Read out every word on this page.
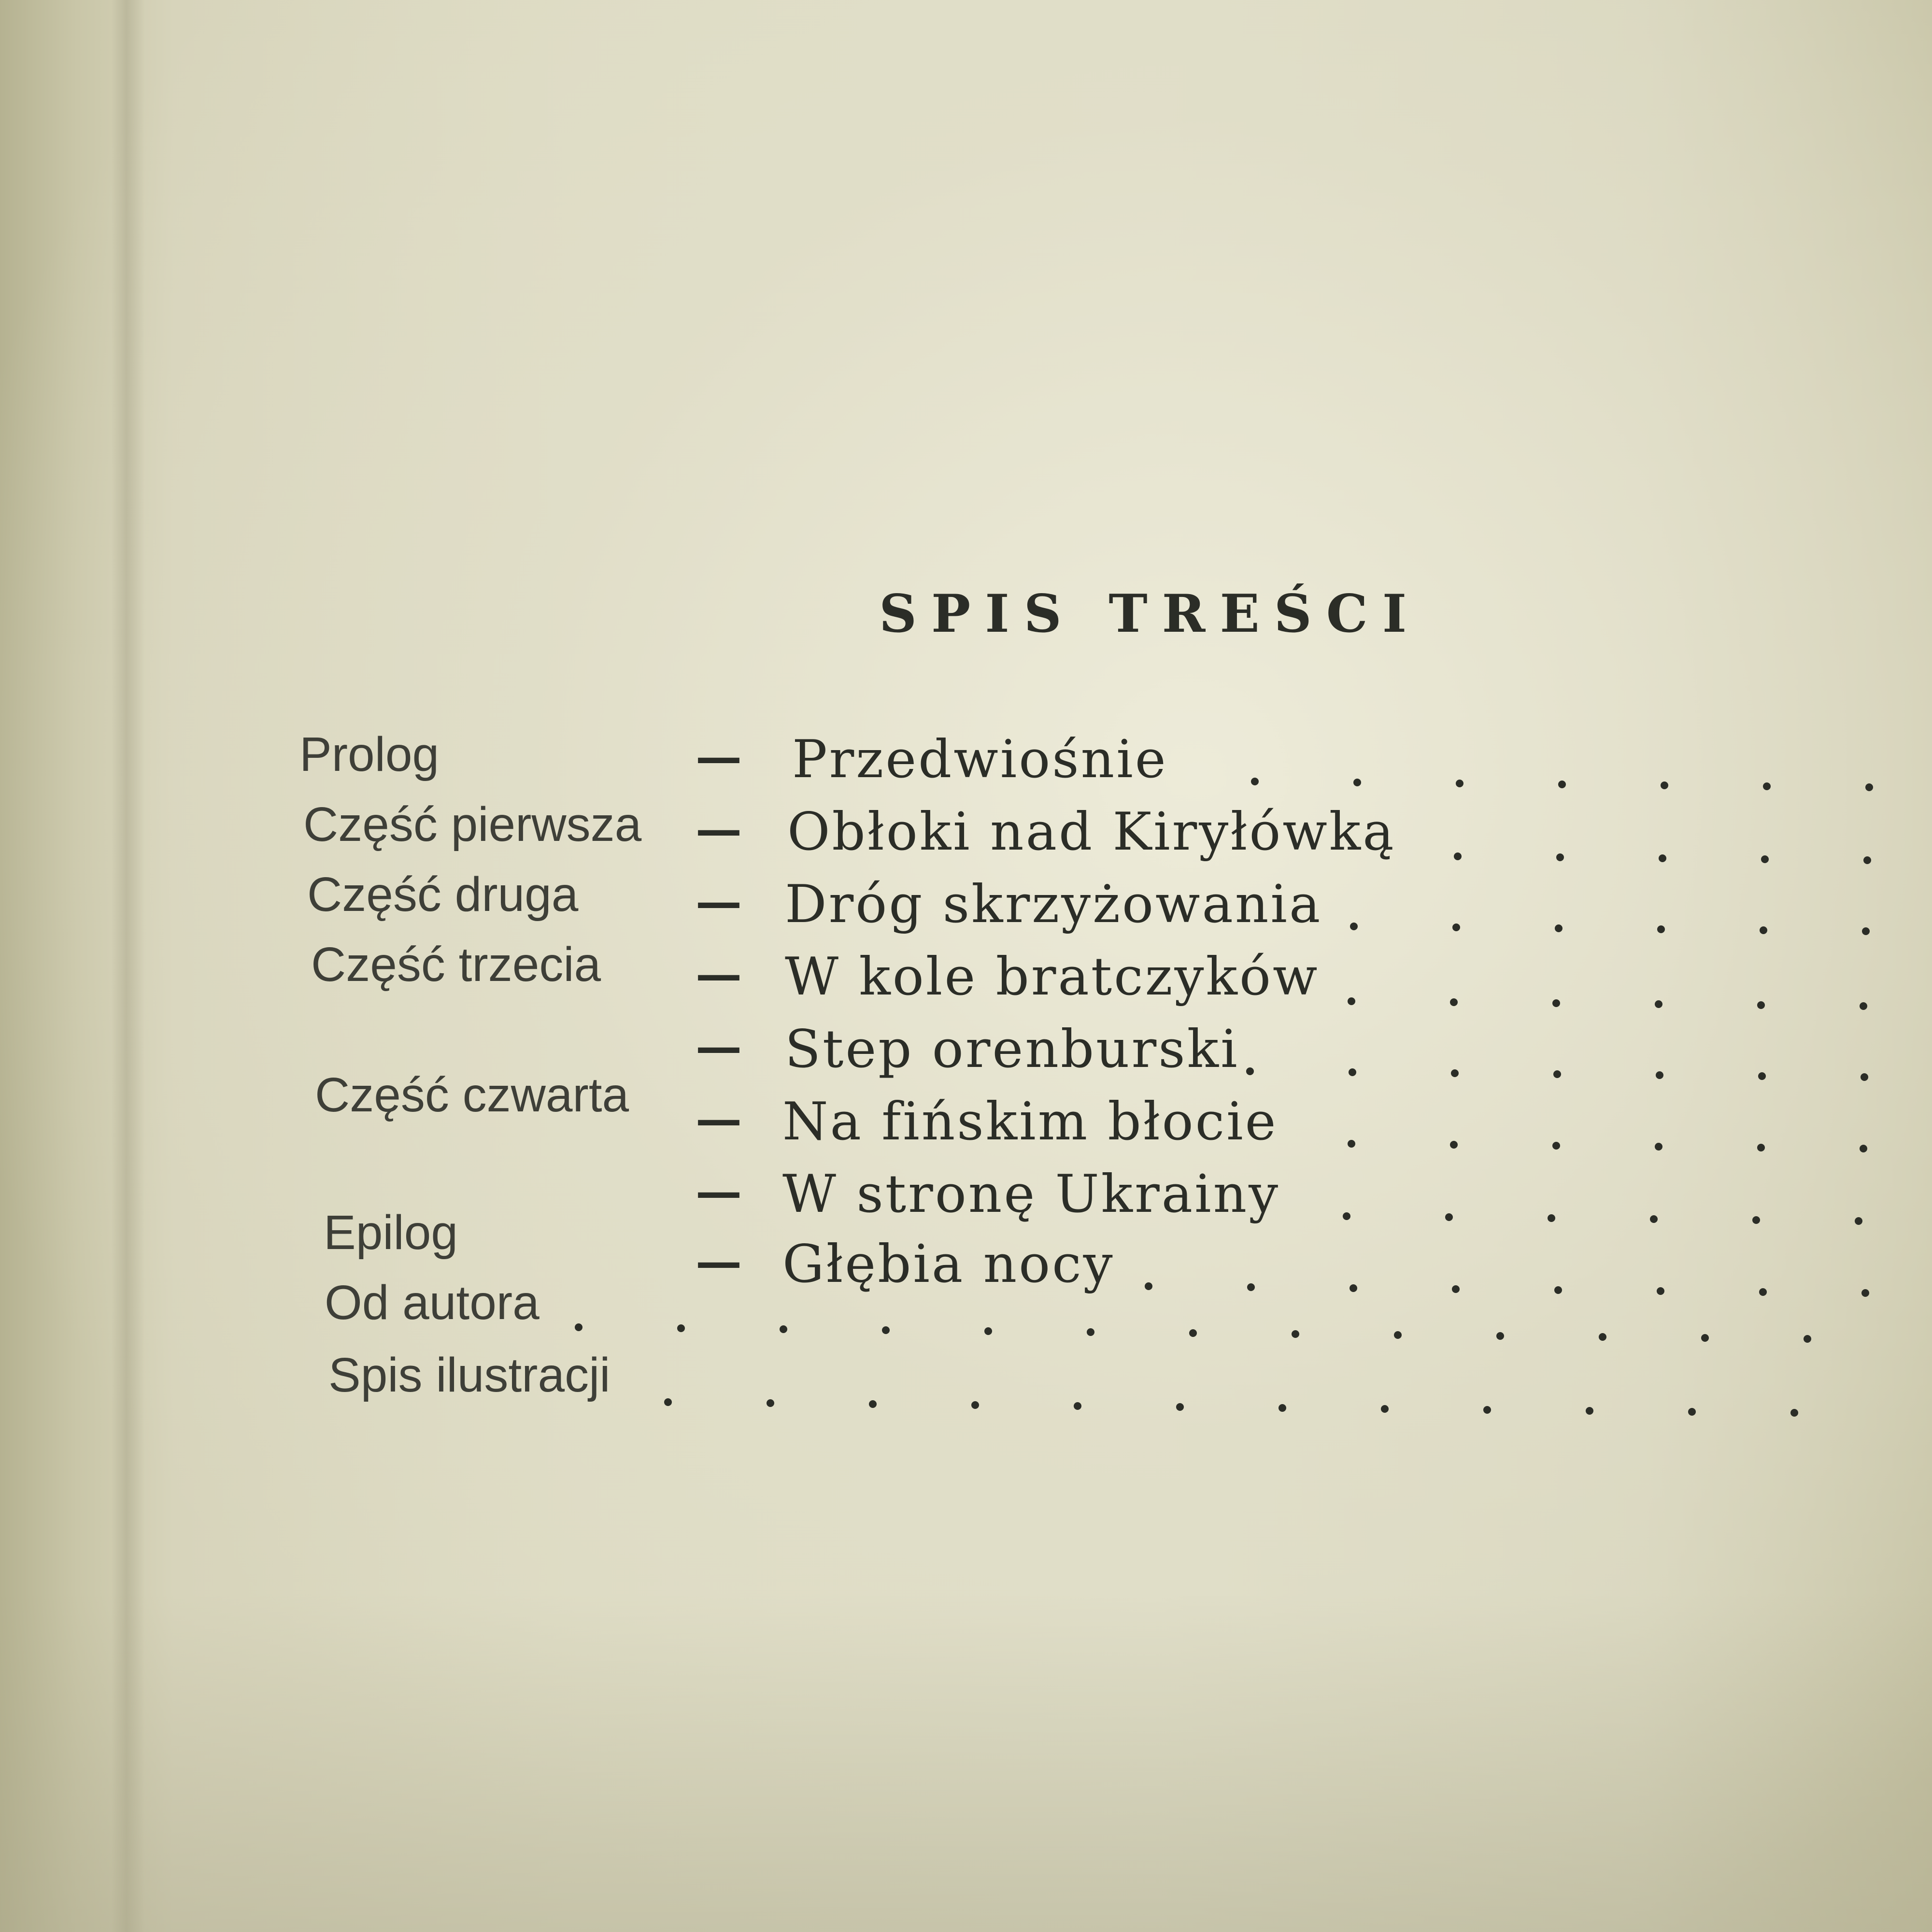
SPIS TREŚCI
Prolog	— Przedwiośnie
Część pierwsza — Obłoki nad Kiryłówką
Część druga	— Dróg skrzyżowania
Część trzecia — W kole bratczyków
— Step orenburski
Część czwarta — Na fińskim błocie
— W stronę Ukrainy
Epilog
— Głębia nocy
Od autora
Spis ilustracji
